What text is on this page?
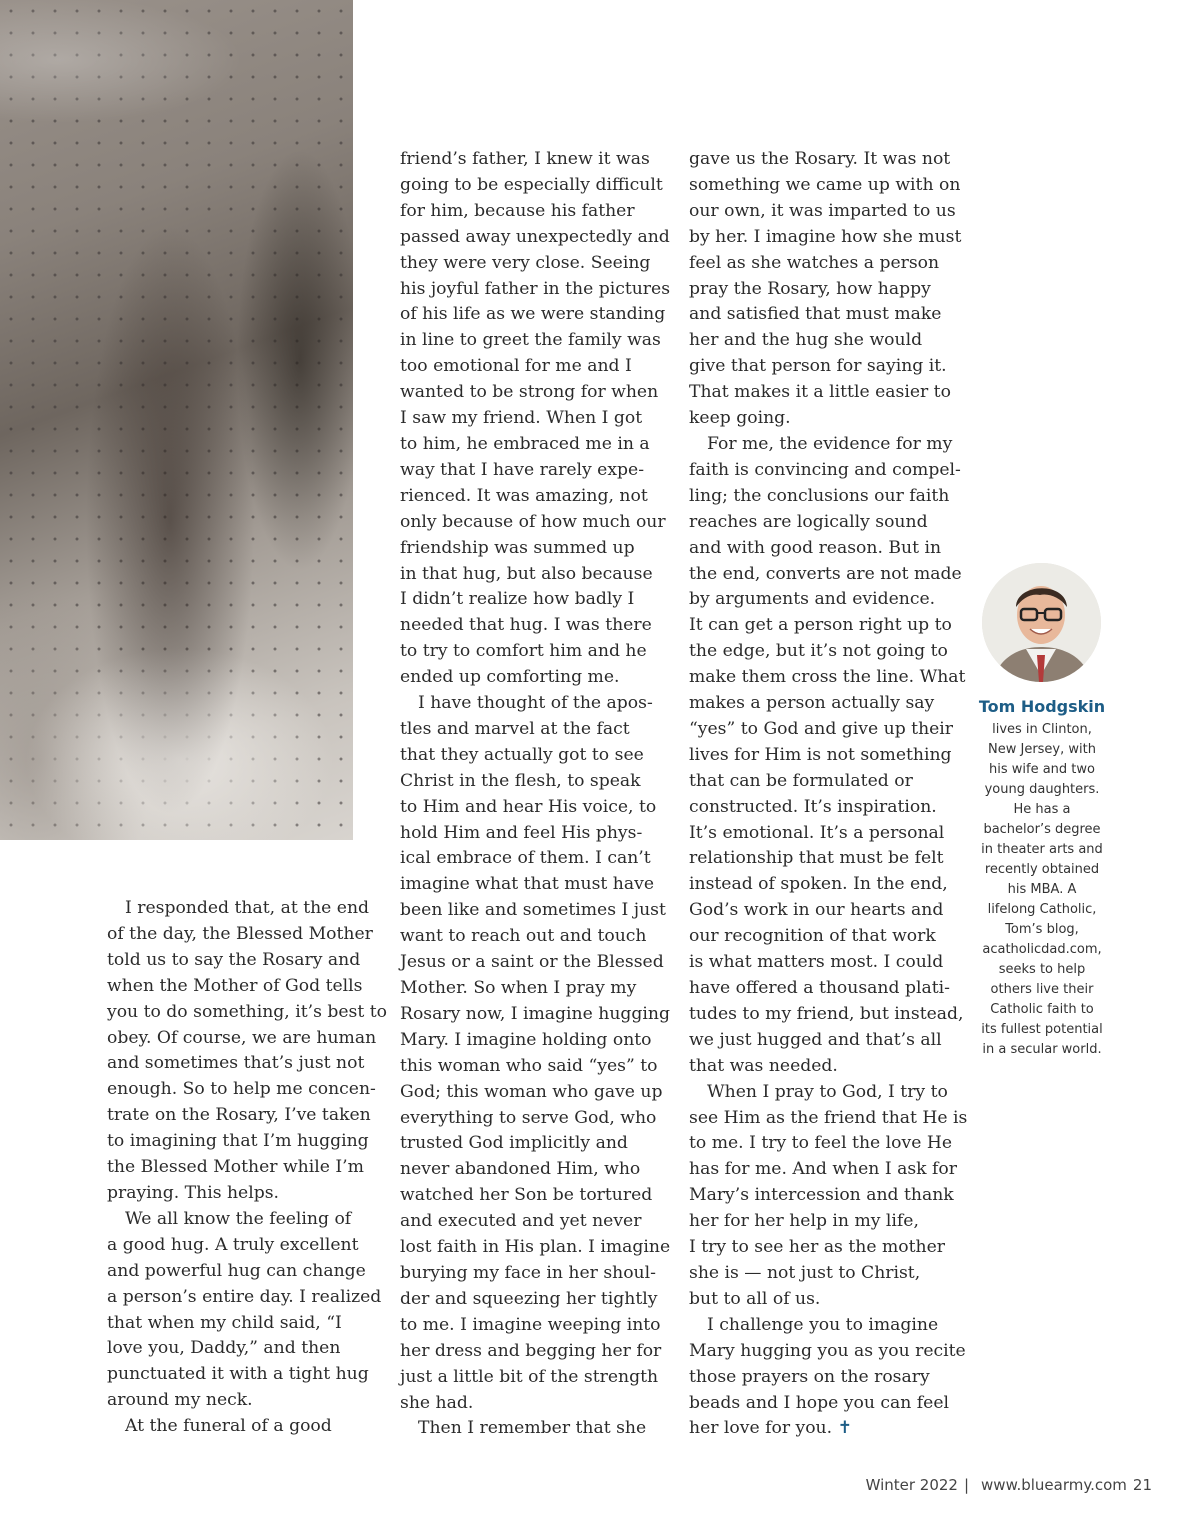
I responded that, at the end
of the day, the Blessed Mother
told us to say the Rosary and
when the Mother of God tells
you to do something, it’s best to
obey. Of course, we are human
and sometimes that’s just not
enough. So to help me concen-
trate on the Rosary, I’ve taken
to imagining that I’m hugging
the Blessed Mother while I’m
praying. This helps.
We all know the feeling of
a good hug. A truly excellent
and powerful hug can change
a person’s entire day. I realized
that when my child said, “I
love you, Daddy,” and then
punctuated it with a tight hug
around my neck.
At the funeral of a good
friend’s father, I knew it was
going to be especially difficult
for him, because his father
passed away unexpectedly and
they were very close. Seeing
his joyful father in the pictures
of his life as we were standing
in line to greet the family was
too emotional for me and I
wanted to be strong for when
I saw my friend. When I got
to him, he embraced me in a
way that I have rarely expe-
rienced. It was amazing, not
only because of how much our
friendship was summed up
in that hug, but also because
I didn’t realize how badly I
needed that hug. I was there
to try to comfort him and he
ended up comforting me.
I have thought of the apos-
tles and marvel at the fact
that they actually got to see
Christ in the flesh, to speak
to Him and hear His voice, to
hold Him and feel His phys-
ical embrace of them. I can’t
imagine what that must have
been like and sometimes I just
want to reach out and touch
Jesus or a saint or the Blessed
Mother. So when I pray my
Rosary now, I imagine hugging
Mary. I imagine holding onto
this woman who said “yes” to
God; this woman who gave up
everything to serve God, who
trusted God implicitly and
never abandoned Him, who
watched her Son be tortured
and executed and yet never
lost faith in His plan. I imagine
burying my face in her shoul-
der and squeezing her tightly
to me. I imagine weeping into
her dress and begging her for
just a little bit of the strength
she had.
Then I remember that she
gave us the Rosary. It was not
something we came up with on
our own, it was imparted to us
by her. I imagine how she must
feel as she watches a person
pray the Rosary, how happy
and satisfied that must make
her and the hug she would
give that person for saying it.
That makes it a little easier to
keep going.
For me, the evidence for my
faith is convincing and compel-
ling; the conclusions our faith
reaches are logically sound
and with good reason. But in
the end, converts are not made
by arguments and evidence.
It can get a person right up to
the edge, but it’s not going to
make them cross the line. What
makes a person actually say
“yes” to God and give up their
lives for Him is not something
that can be formulated or
constructed. It’s inspiration.
It’s emotional. It’s a personal
relationship that must be felt
instead of spoken. In the end,
God’s work in our hearts and
our recognition of that work
is what matters most. I could
have offered a thousand plati-
tudes to my friend, but instead,
we just hugged and that’s all
that was needed.
When I pray to God, I try to
see Him as the friend that He is
to me. I try to feel the love He
has for me. And when I ask for
Mary’s intercession and thank
her for her help in my life,
I try to see her as the mother
she is — not just to Christ,
but to all of us.
I challenge you to imagine
Mary hugging you as you recite
those prayers on the rosary
beads and I hope you can feel
her love for you. ✝
Tom Hodgskin
lives in Clinton,
New Jersey, with
his wife and two
young daughters.
He has a
bachelor’s degree
in theater arts and
recently obtained
his MBA. A
lifelong Catholic,
Tom’s blog,
acatholicdad.com,
seeks to help
others live their
Catholic faith to
its fullest potential
in a secular world.
Winter 2022 | www.bluearmy.com 21
